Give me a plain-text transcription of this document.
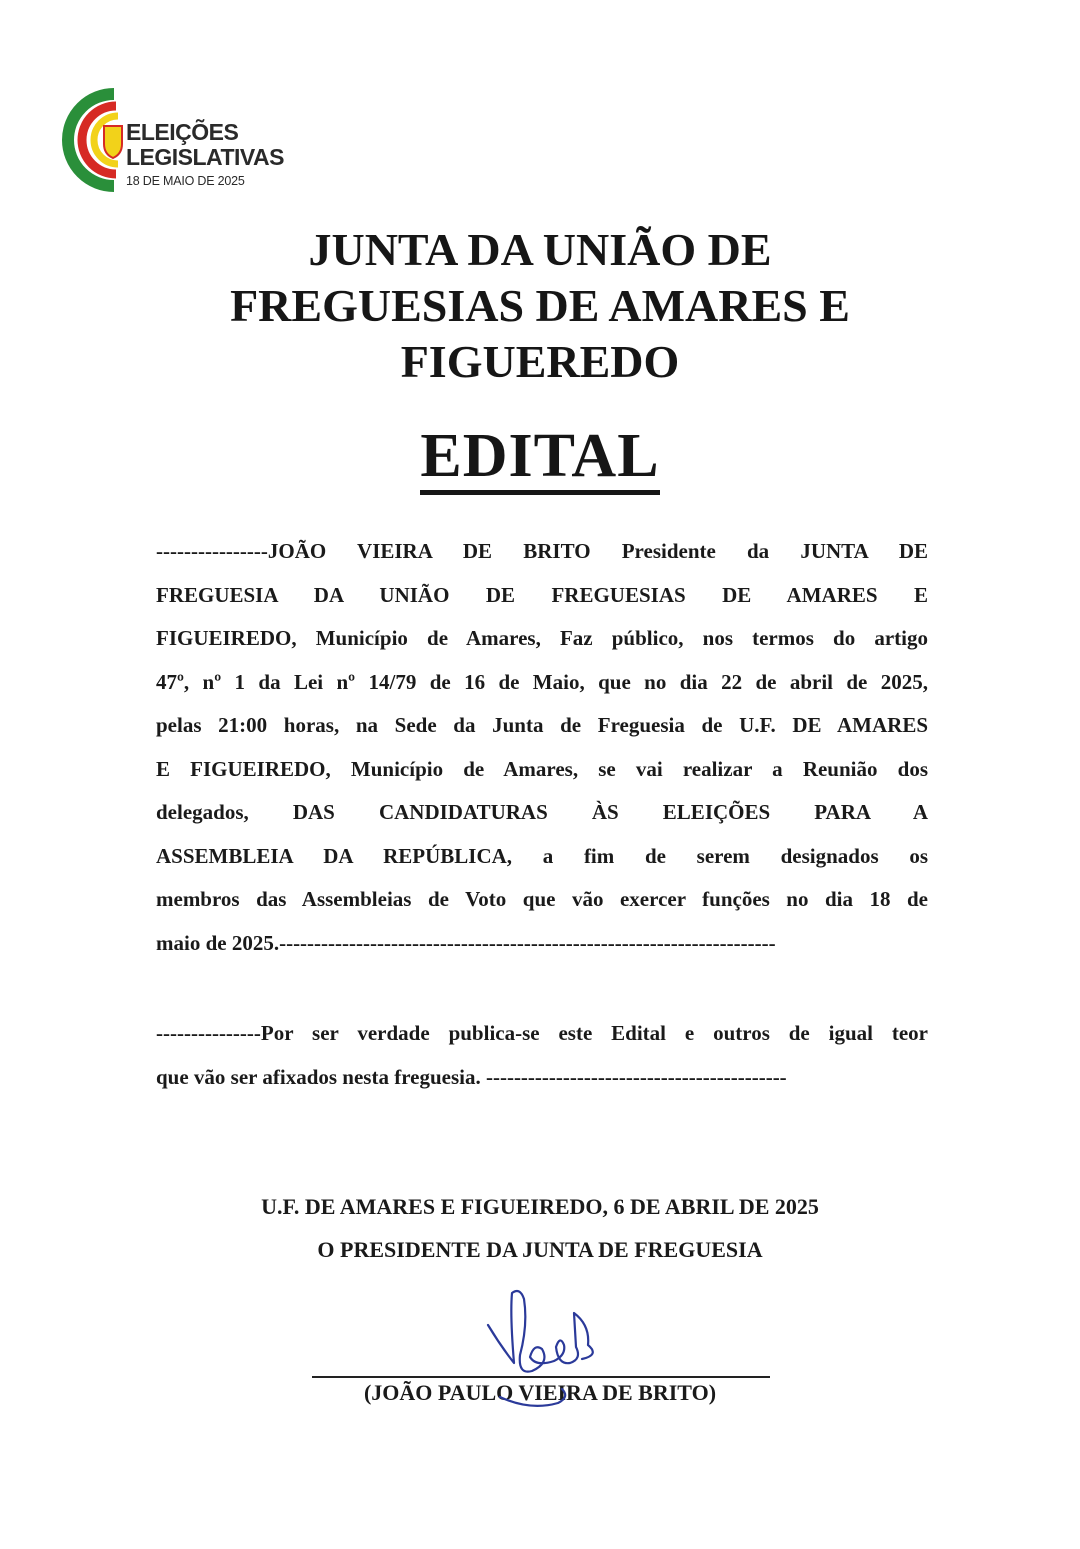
ELEIÇÕES
LEGISLATIVAS
18 DE MAIO DE 2025
JUNTA DA UNIÃO DE
FREGUESIAS DE AMARES E
FIGUEREDO
EDITAL
----------------JOÃO VIEIRA DE BRITO Presidente da JUNTA DE
FREGUESIA DA UNIÃO DE FREGUESIAS DE AMARES E
FIGUEIREDO, Município de Amares, Faz público, nos termos do artigo
47º, nº 1 da Lei nº 14/79 de 16 de Maio, que no dia 22 de abril de 2025,
pelas 21:00 horas, na Sede da Junta de Freguesia de U.F. DE AMARES
E FIGUEIREDO, Município de Amares, se vai realizar a Reunião dos
delegados, DAS CANDIDATURAS ÀS ELEIÇÕES PARA A
ASSEMBLEIA DA REPÚBLICA, a fim de serem designados os
membros das Assembleias de Voto que vão exercer funções no dia 18 de
maio de 2025.-----------------------------------------------------------------------
---------------Por ser verdade publica-se este Edital e outros de igual teor
que vão ser afixados nesta freguesia. -------------------------------------------
U.F. DE AMARES E FIGUEIREDO, 6 DE ABRIL DE 2025
O PRESIDENTE DA JUNTA DE FREGUESIA
(JOÃO PAULO VIEIRA DE BRITO)
